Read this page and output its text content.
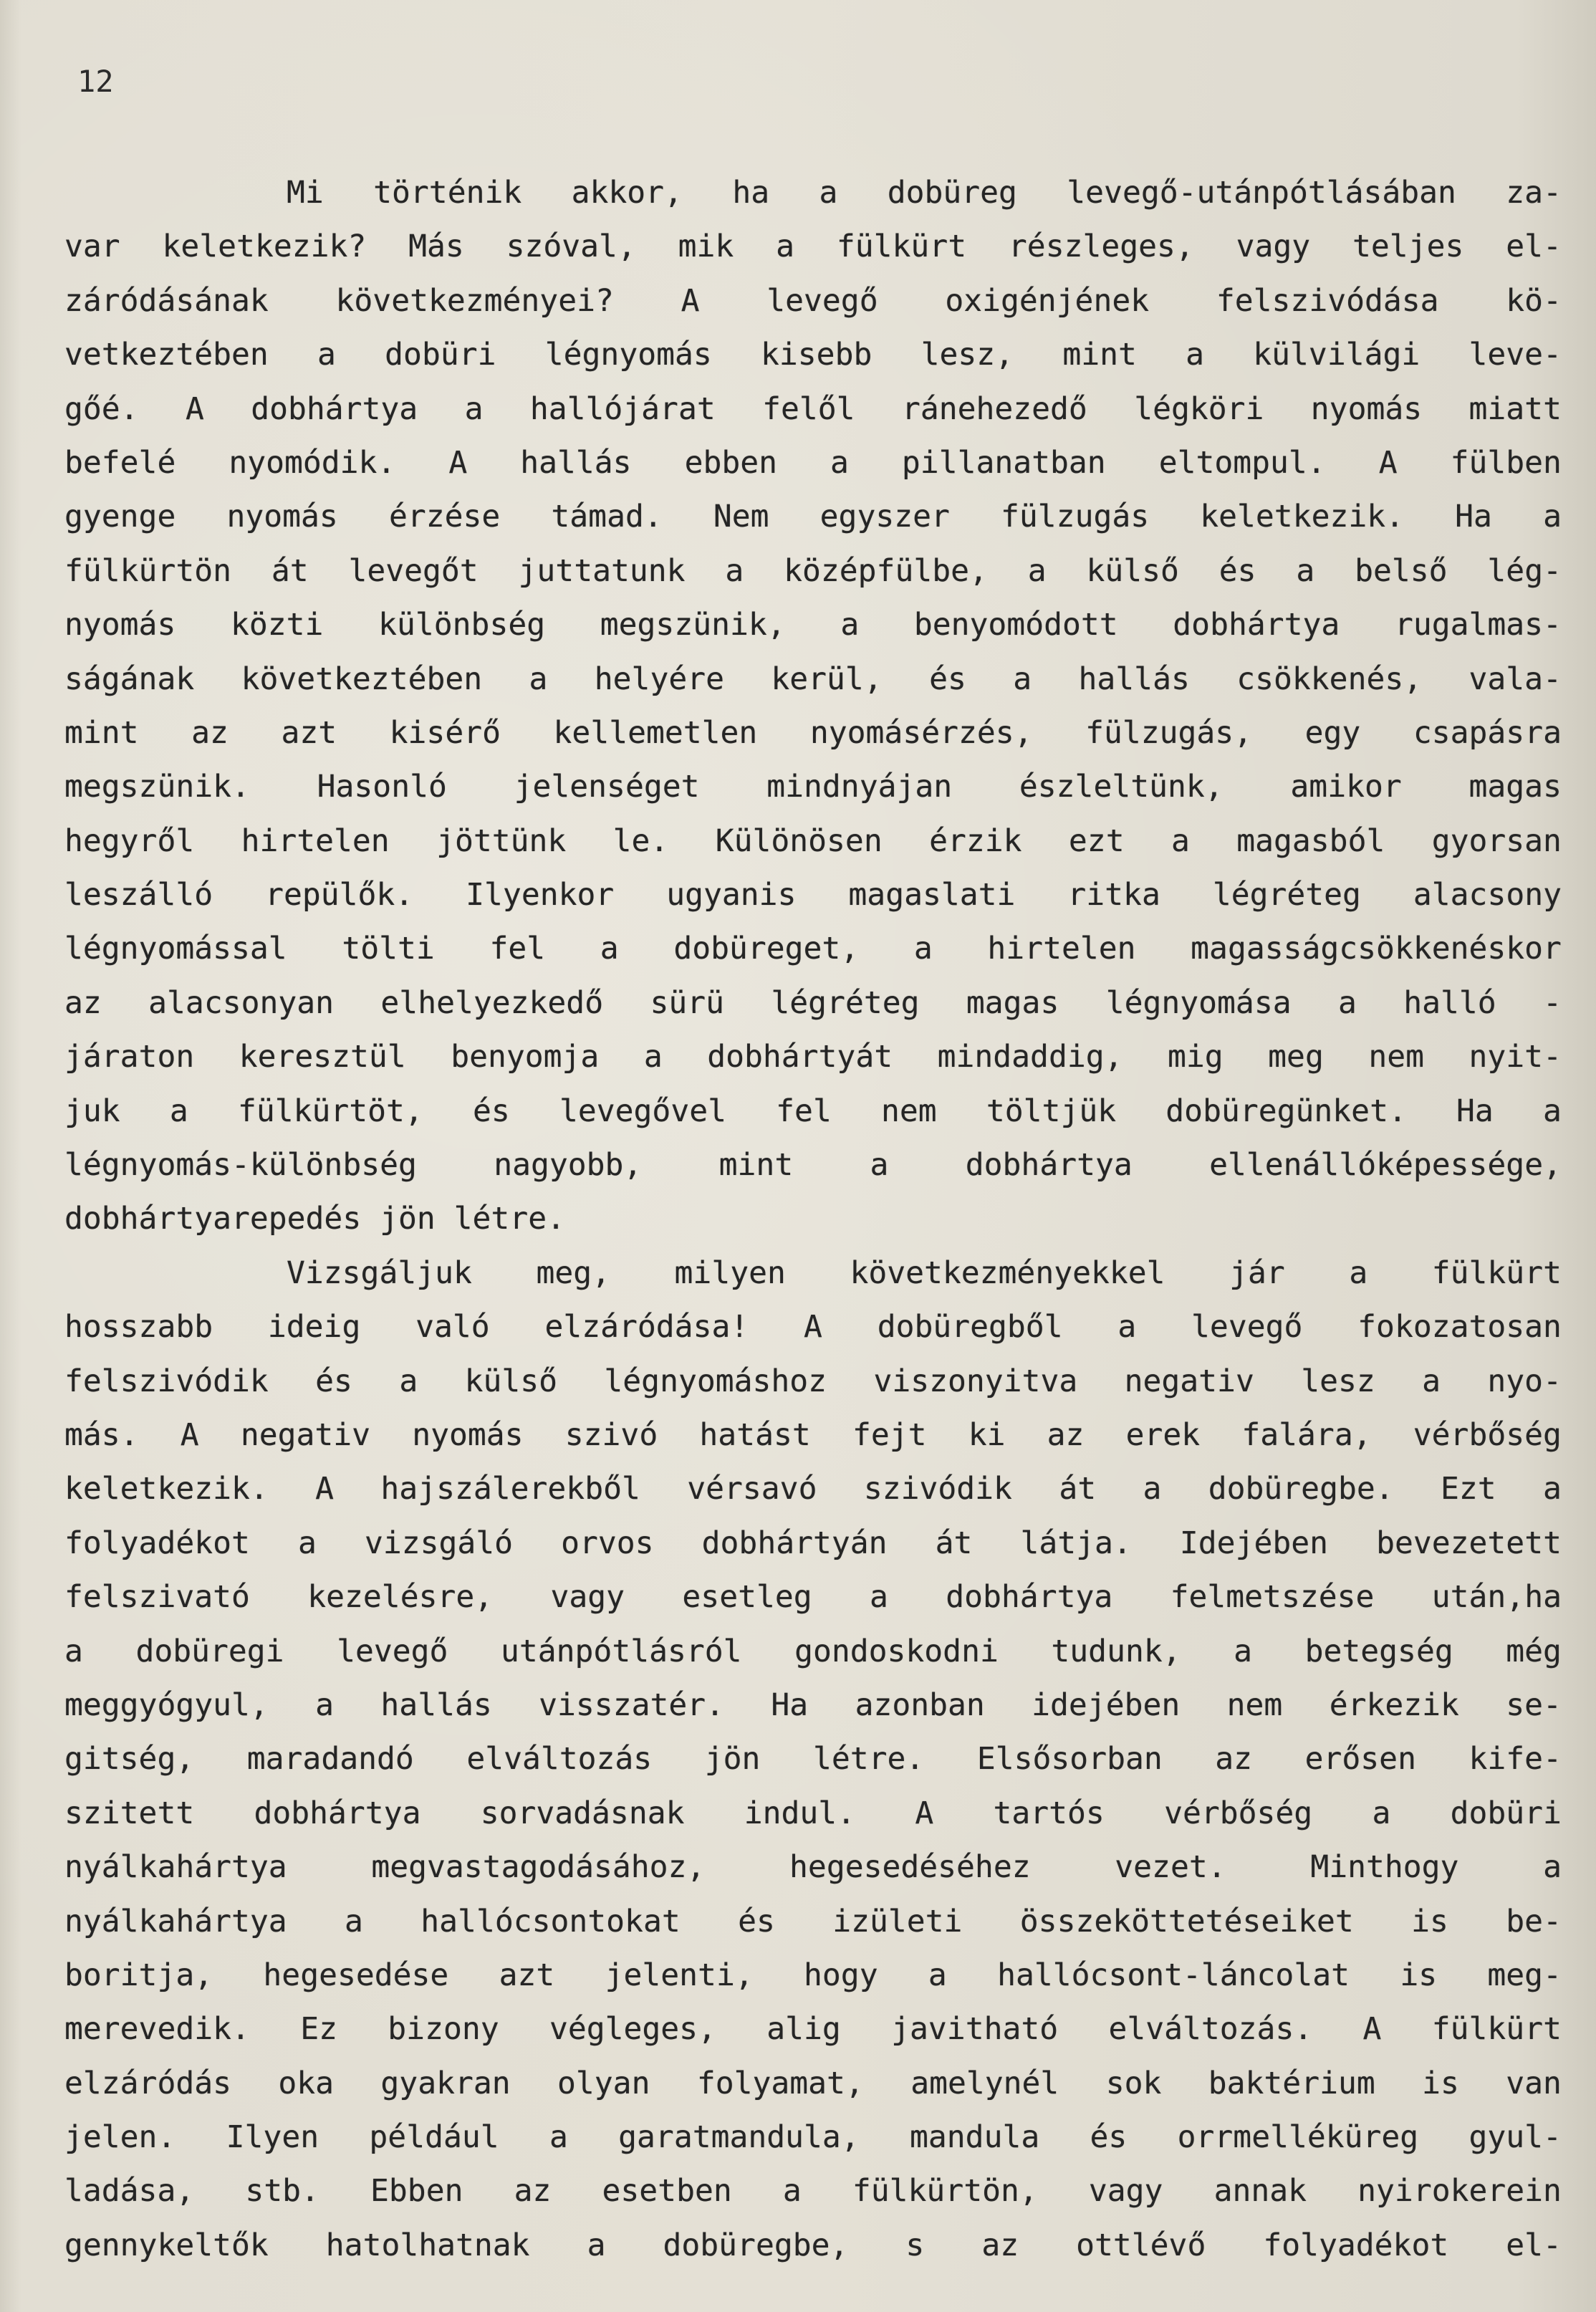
12

Mi történik akkor, ha a dobüreg levegő-utánpótlásában za-
var keletkezik? Más szóval, mik a fülkürt részleges, vagy teljes el-
záródásának következményei? A levegő oxigénjének felszivódása kö-
vetkeztében a dobüri légnyomás kisebb lesz, mint a külvilági leve-
gőé. A dobhártya a hallójárat felől ránehezedő légköri nyomás miatt
befelé nyomódik. A hallás ebben a pillanatban eltompul. A fülben
gyenge nyomás érzése támad. Nem egyszer fülzugás keletkezik. Ha a
fülkürtön át levegőt juttatunk a középfülbe, a külső és a belső lég-
nyomás közti különbség megszünik, a benyomódott dobhártya rugalmas-
ságának következtében a helyére kerül, és a hallás csökkenés, vala-
mint az azt kisérő kellemetlen nyomásérzés, fülzugás, egy csapásra
megszünik. Hasonló jelenséget mindnyájan észleltünk, amikor magas
hegyről hirtelen jöttünk le. Különösen érzik ezt a magasból gyorsan
leszálló repülők. Ilyenkor ugyanis magaslati ritka légréteg alacsony
légnyomással tölti fel a dobüreget, a hirtelen magasságcsökkenéskor
az alacsonyan elhelyezkedő sürü légréteg magas légnyomása a halló -
járaton keresztül benyomja a dobhártyát mindaddig, mig meg nem nyit-
juk a fülkürtöt, és levegővel fel nem töltjük dobüregünket. Ha a
légnyomás-különbség nagyobb, mint a dobhártya ellenállóképessége,
dobhártyarepedés jön létre.
Vizsgáljuk meg, milyen következményekkel jár a fülkürt
hosszabb ideig való elzáródása! A dobüregből a levegő fokozatosan
felszivódik és a külső légnyomáshoz viszonyitva negativ lesz a nyo-
más. A negativ nyomás szivó hatást fejt ki az erek falára, vérbőség
keletkezik. A hajszálerekből vérsavó szivódik át a dobüregbe. Ezt a
folyadékot a vizsgáló orvos dobhártyán át látja. Idejében bevezetett
felszivató kezelésre, vagy esetleg a dobhártya felmetszése után,ha
a dobüregi levegő utánpótlásról gondoskodni tudunk, a betegség még
meggyógyul, a hallás visszatér. Ha azonban idejében nem érkezik se-
gitség, maradandó elváltozás jön létre. Elsősorban az erősen kife-
szitett dobhártya sorvadásnak indul. A tartós vérbőség a dobüri
nyálkahártya	megvastagodásához,	hegesedéséhez	vezet.	Minthogy	a
nyálkahártya a hallócsontokat és izületi összeköttetéseiket is be-
boritja, hegesedése azt jelenti, hogy a hallócsont-láncolat is meg-
merevedik. Ez bizony végleges, alig javitható elváltozás. A fülkürt
elzáródás oka gyakran olyan folyamat, amelynél sok baktérium is van
jelen. Ilyen például a garatmandula, mandula és orrmelléküreg gyul-
ladása, stb. Ebben az esetben a fülkürtön, vagy annak nyirokerein
gennykeltők hatolhatnak a dobüregbe, s az ottlévő folyadékot el-
